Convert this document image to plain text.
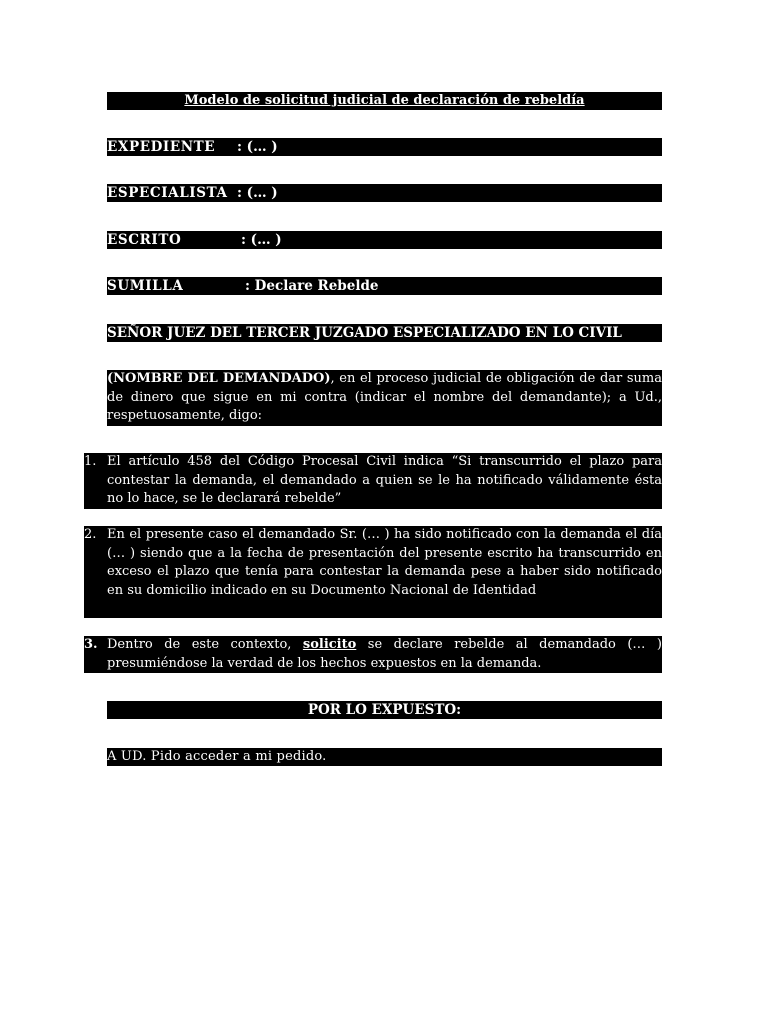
Modelo de solicitud judicial de declaración de rebeldía
EXPEDIENTE : (… )
ESPECIALISTA : (… )
ESCRITO	: (… )
SUMILLA	: Declare Rebelde
SEÑOR JUEZ DEL TERCER JUZGADO ESPECIALIZADO EN LO CIVIL
(NOMBRE DEL DEMANDADO), en el proceso judicial de obligación de dar suma de dinero que sigue en mi contra (indicar el nombre del demandante); a Ud., respetuosamente, digo:
1. El artículo 458 del Código Procesal Civil indica “Si transcurrido el plazo para contestar la demanda, el demandado a quien se le ha notificado válidamente ésta no lo hace, se le declarará rebelde”
2. En el presente caso el demandado Sr. (… ) ha sido notificado con la demanda el día (… ) siendo que a la fecha de presentación del presente escrito ha transcurrido en exceso el plazo que tenía para contestar la demanda pese a haber sido notificado en su domicilio indicado en su Documento Nacional de Identidad
3. Dentro de este contexto, solicito se declare rebelde al demandado (… ) presumiéndose la verdad de los hechos expuestos en la demanda.
POR LO EXPUESTO:
A UD. Pido acceder a mi pedido.
